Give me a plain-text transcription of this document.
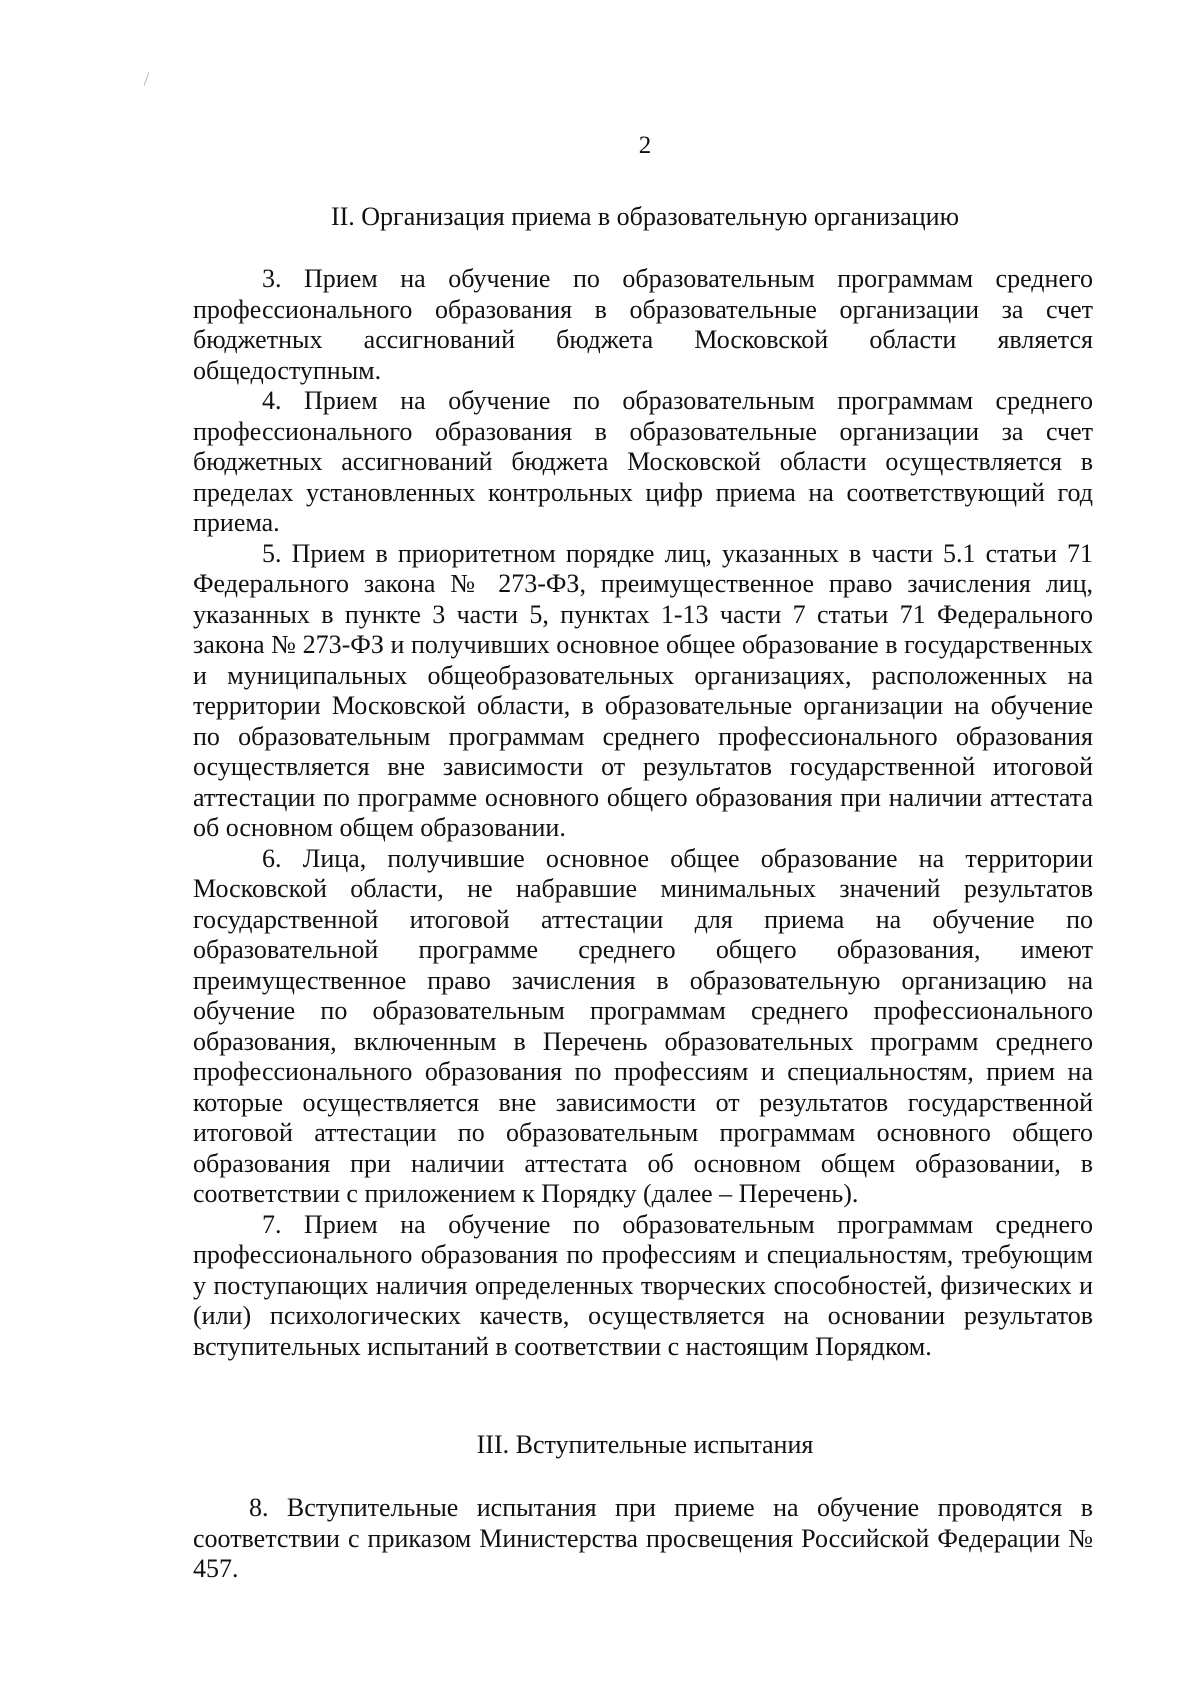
2
II. Организация приема в образовательную организацию

3. Прием на обучение по образовательным программам среднего профессионального образования в образовательные организации за счет бюджетных ассигнований бюджета Московской области является общедоступным.

4. Прием на обучение по образовательным программам среднего профессионального образования в образовательные организации за счет бюджетных ассигнований бюджета Московской области осуществляется в пределах установленных контрольных цифр приема на соответствующий год приема.

5. Прием в приоритетном порядке лиц, указанных в части 5.1 статьи 71 Федерального закона № 273-ФЗ, преимущественное право зачисления лиц, указанных в пункте 3 части 5, пунктах 1-13 части 7 статьи 71 Федерального закона № 273-ФЗ и получивших основное общее образование в государственных и муниципальных общеобразовательных организациях, расположенных на территории Московской области, в образовательные организации на обучение по образовательным программам среднего профессионального образования осуществляется вне зависимости от результатов государственной итоговой аттестации по программе основного общего образования при наличии аттестата об основном общем образовании.

6. Лица, получившие основное общее образование на территории Московской области, не набравшие минимальных значений результатов государственной итоговой аттестации для приема на обучение по образовательной программе среднего общего образования, имеют преимущественное право зачисления в образовательную организацию на обучение по образовательным программам среднего профессионального образования, включенным в Перечень образовательных программ среднего профессионального образования по профессиям и специальностям, прием на которые осуществляется вне зависимости от результатов государственной итоговой аттестации по образовательным программам основного общего образования при наличии аттестата об основном общем образовании, в соответствии с приложением к Порядку (далее – Перечень).

7. Прием на обучение по образовательным программам среднего профессионального образования по профессиям и специальностям, требующим у поступающих наличия определенных творческих способностей, физических и (или) психологических качеств, осуществляется на основании результатов вступительных испытаний в соответствии с настоящим Порядком.

III. Вступительные испытания

8. Вступительные испытания при приеме на обучение проводятся в соответствии с приказом Министерства просвещения Российской Федерации № 457.
